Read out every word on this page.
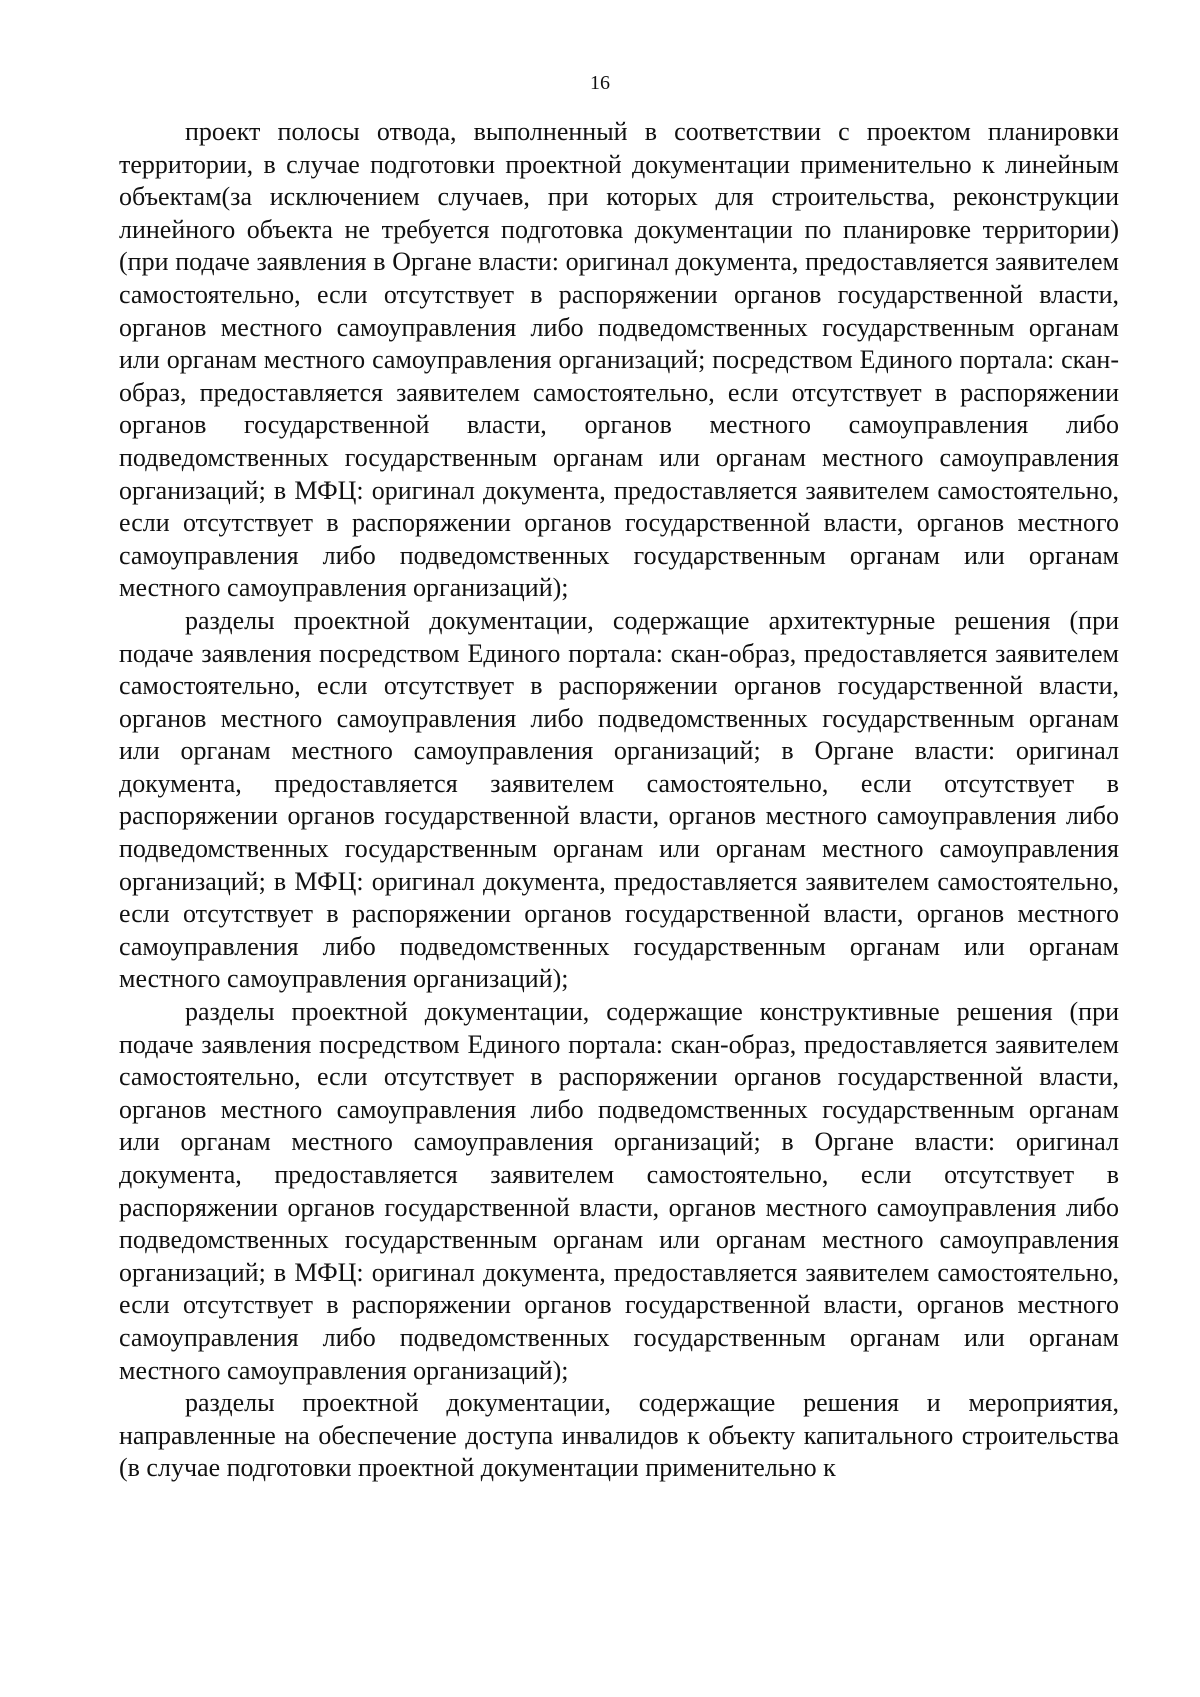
16

проект полосы отвода, выполненный в соответствии с проектом планировки территории, в случае подготовки проектной документации применительно к линейным объектам(за исключением случаев, при которых для строительства, реконструкции линейного объекта не требуется подготовка документации по планировке территории) (при подаче заявления в Органе власти: оригинал документа, предоставляется заявителем самостоятельно, если отсутствует в распоряжении органов государственной власти, органов местного самоуправления либо подведомственных государственным органам или органам местного самоуправления организаций; посредством Единого портала: скан-образ, предоставляется заявителем самостоятельно, если отсутствует в распоряжении органов государственной власти, органов местного самоуправления либо подведомственных государственным органам или органам местного самоуправления организаций; в МФЦ: оригинал документа, предоставляется заявителем самостоятельно, если отсутствует в распоряжении органов государственной власти, органов местного самоуправления либо подведомственных государственным органам или органам местного самоуправления организаций);

разделы проектной документации, содержащие архитектурные решения (при подаче заявления посредством Единого портала: скан-образ, предоставляется заявителем самостоятельно, если отсутствует в распоряжении органов государственной власти, органов местного самоуправления либо подведомственных государственным органам или органам местного самоуправления организаций; в Органе власти: оригинал документа, предоставляется заявителем самостоятельно, если отсутствует в распоряжении органов государственной власти, органов местного самоуправления либо подведомственных государственным органам или органам местного самоуправления организаций; в МФЦ: оригинал документа, предоставляется заявителем самостоятельно, если отсутствует в распоряжении органов государственной власти, органов местного самоуправления либо подведомственных государственным органам или органам местного самоуправления организаций);

разделы проектной документации, содержащие конструктивные решения (при подаче заявления посредством Единого портала: скан-образ, предоставляется заявителем самостоятельно, если отсутствует в распоряжении органов государственной власти, органов местного самоуправления либо подведомственных государственным органам или органам местного самоуправления организаций; в Органе власти: оригинал документа, предоставляется заявителем самостоятельно, если отсутствует в распоряжении органов государственной власти, органов местного самоуправления либо подведомственных государственным органам или органам местного самоуправления организаций; в МФЦ: оригинал документа, предоставляется заявителем самостоятельно, если отсутствует в распоряжении органов государственной власти, органов местного самоуправления либо подведомственных государственным органам или органам местного самоуправления организаций);

разделы проектной документации, содержащие решения и мероприятия, направленные на обеспечение доступа инвалидов к объекту капитального строительства (в случае подготовки проектной документации применительно к
